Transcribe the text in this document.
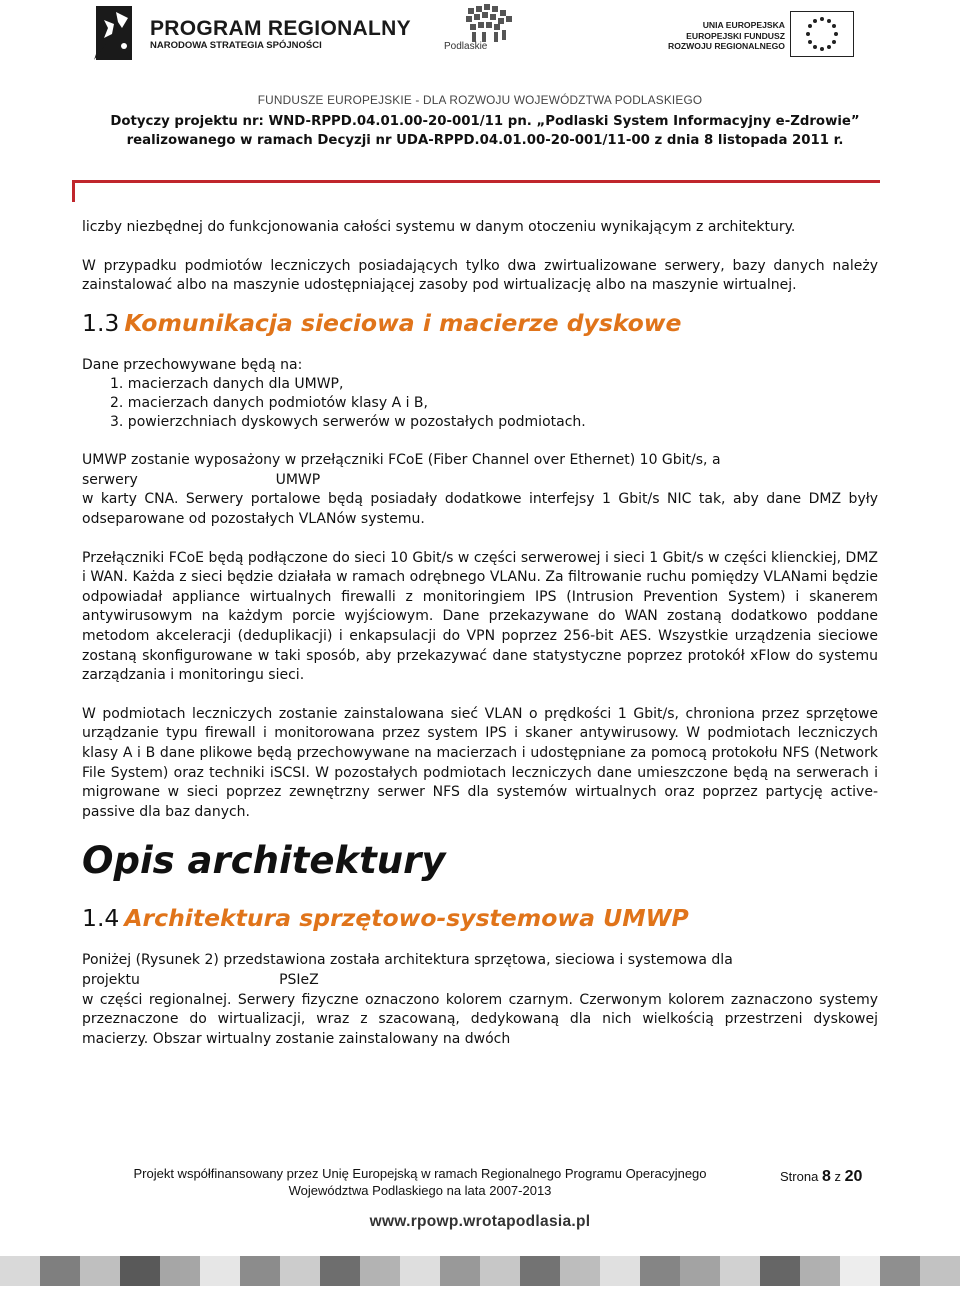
PROGRAM REGIONALNY
NARODOWA STRATEGIA SPÓJNOŚCI	Podlaskie
UNIA EUROPEJSKA
EUROPEJSKI FUNDUSZ
ROZWOJU REGIONALNEGO
FUNDUSZE EUROPEJSKIE - DLA ROZWOJU WOJEWÓDZTWA PODLASKIEGO
Dotyczy projektu nr: WND-RPPD.04.01.00-20-001/11 pn. „Podlaski System Informacyjny e-Zdrowie” realizowanego w ramach Decyzji nr UDA-RPPD.04.01.00-20-001/11-00 z dnia 8 listopada 2011 r.

liczby niezbędnej do funkcjonowania całości systemu w danym otoczeniu wynikającym z architektury.

W przypadku podmiotów leczniczych posiadających tylko dwa zwirtualizowane serwery, bazy danych należy zainstalować albo na maszynie udostępniającej zasoby pod wirtualizację albo na maszynie wirtualnej.

1.3 Komunikacja sieciowa i macierze dyskowe

Dane przechowywane będą na:

1. macierzach danych dla UMWP,
2. macierzach danych podmiotów klasy A i B,
3. powierzchniach dyskowych serwerów w pozostałych podmiotach.

UMWP zostanie wyposażony w przełączniki FCoE (Fiber Channel over Ethernet) 10 Gbit/s, a

serwery	UMWP

w karty CNA. Serwery portalowe będą posiadały dodatkowe interfejsy 1 Gbit/s NIC tak, aby dane DMZ były odseparowane od pozostałych VLANów systemu.

Przełączniki FCoE będą podłączone do sieci 10 Gbit/s w części serwerowej i sieci 1 Gbit/s w części klienckiej, DMZ i WAN. Każda z sieci będzie działała w ramach odrębnego VLANu. Za filtrowanie ruchu pomiędzy VLANami będzie odpowiadał appliance wirtualnych firewalli z monitoringiem IPS (Intrusion Prevention System) i skanerem antywirusowym na każdym porcie wyjściowym. Dane przekazywane do WAN zostaną dodatkowo poddane metodom akceleracji (deduplikacji) i enkapsulacji do VPN poprzez 256-bit AES. Wszystkie urządzenia sieciowe zostaną skonfigurowane w taki sposób, aby przekazywać dane statystyczne poprzez protokół xFlow do systemu zarządzania i monitoringu sieci.

W podmiotach leczniczych zostanie zainstalowana sieć VLAN o prędkości 1 Gbit/s, chroniona przez sprzętowe urządzanie typu firewall i monitorowana przez system IPS i skaner antywirusowy. W podmiotach leczniczych klasy A i B dane plikowe będą przechowywane na macierzach i udostępniane za pomocą protokołu NFS (Network File System) oraz techniki iSCSI. W pozostałych podmiotach leczniczych dane umieszczone będą na serwerach i migrowane w sieci poprzez zewnętrzny serwer NFS dla systemów wirtualnych oraz poprzez partycję active-passive dla baz danych.

Opis architektury
1.4 Architektura sprzętowo-systemowa UMWP

Poniżej (Rysunek 2) przedstawiona została architektura sprzętowa, sieciowa i systemowa dla

projektu	PSIeZ

w części regionalnej. Serwery fizyczne oznaczono kolorem czarnym. Czerwonym kolorem zaznaczono systemy przeznaczone do wirtualizacji, wraz z szacowaną, dedykowaną dla nich wielkością przestrzeni dyskowej macierzy. Obszar wirtualny zostanie zainstalowany na dwóch

Projekt współfinansowany przez Unię Europejską w ramach Regionalnego Programu Operacyjnego
Województwa Podlaskiego na lata 2007-2013
Strona 8 z 20
www.rpowp.wrotapodlasia.pl
